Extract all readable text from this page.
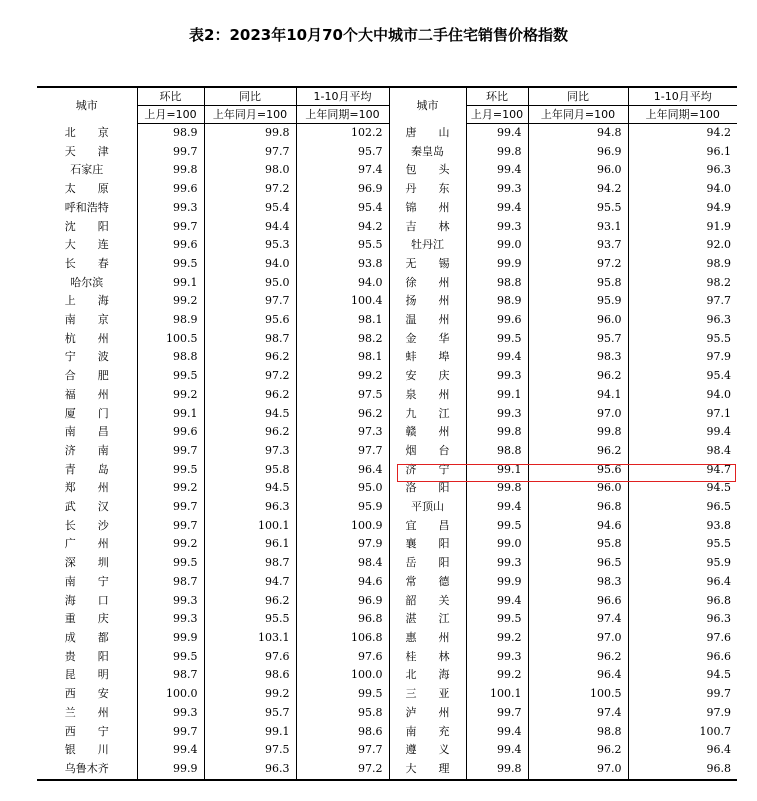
表2：2023年10月70个大中城市二手住宅销售价格指数
城市	环比	同比	1-10月平均	城市	环比	同比	1-10月平均
	上月=100	上年同月=100	上年同期=100		上月=100	上年同月=100	上年同期=100
北　　京	98.9	99.8	102.2	唐　　山	99.4	94.8	94.2
天　　津	99.7	97.7	95.7	秦皇岛	99.8	96.9	96.1
石家庄	99.8	98.0	97.4	包　　头	99.4	96.0	96.3
太　　原	99.6	97.2	96.9	丹　　东	99.3	94.2	94.0
呼和浩特	99.3	95.4	95.4	锦　　州	99.4	95.5	94.9
沈　　阳	99.7	94.4	94.2	吉　　林	99.3	93.1	91.9
大　　连	99.6	95.3	95.5	牡丹江	99.0	93.7	92.0
长　　春	99.5	94.0	93.8	无　　锡	99.9	97.2	98.9
哈尔滨	99.1	95.0	94.0	徐　　州	98.8	95.8	98.2
上　　海	99.2	97.7	100.4	扬　　州	98.9	95.9	97.7
南　　京	98.9	95.6	98.1	温　　州	99.6	96.0	96.3
杭　　州	100.5	98.7	98.2	金　　华	99.5	95.7	95.5
宁　　波	98.8	96.2	98.1	蚌　　埠	99.4	98.3	97.9
合　　肥	99.5	97.2	99.2	安　　庆	99.3	96.2	95.4
福　　州	99.2	96.2	97.5	泉　　州	99.1	94.1	94.0
厦　　门	99.1	94.5	96.2	九　　江	99.3	97.0	97.1
南　　昌	99.6	96.2	97.3	赣　　州	99.8	99.8	99.4
济　　南	99.7	97.3	97.7	烟　　台	98.8	96.2	98.4
青　　岛	99.5	95.8	96.4	济　　宁	99.1	95.6	94.7
郑　　州	99.2	94.5	95.0	洛　　阳	99.8	96.0	94.5
武　　汉	99.7	96.3	95.9	平顶山	99.4	96.8	96.5
长　　沙	99.7	100.1	100.9	宜　　昌	99.5	94.6	93.8
广　　州	99.2	96.1	97.9	襄　　阳	99.0	95.8	95.5
深　　圳	99.5	98.7	98.4	岳　　阳	99.3	96.5	95.9
南　　宁	98.7	94.7	94.6	常　　德	99.9	98.3	96.4
海　　口	99.3	96.2	96.9	韶　　关	99.4	96.6	96.8
重　　庆	99.3	95.5	96.8	湛　　江	99.5	97.4	96.3
成　　都	99.9	103.1	106.8	惠　　州	99.2	97.0	97.6
贵　　阳	99.5	97.6	97.6	桂　　林	99.3	96.2	96.6
昆　　明	98.7	98.6	100.0	北　　海	99.2	96.4	94.5
西　　安	100.0	99.2	99.5	三　　亚	100.1	100.5	99.7
兰　　州	99.3	95.7	95.8	泸　　州	99.7	97.4	97.9
西　　宁	99.7	99.1	98.6	南　　充	99.4	98.8	100.7
银　　川	99.4	97.5	97.7	遵　　义	99.4	96.2	96.4
乌鲁木齐	99.9	96.3	97.2	大　　理	99.8	97.0	96.8
